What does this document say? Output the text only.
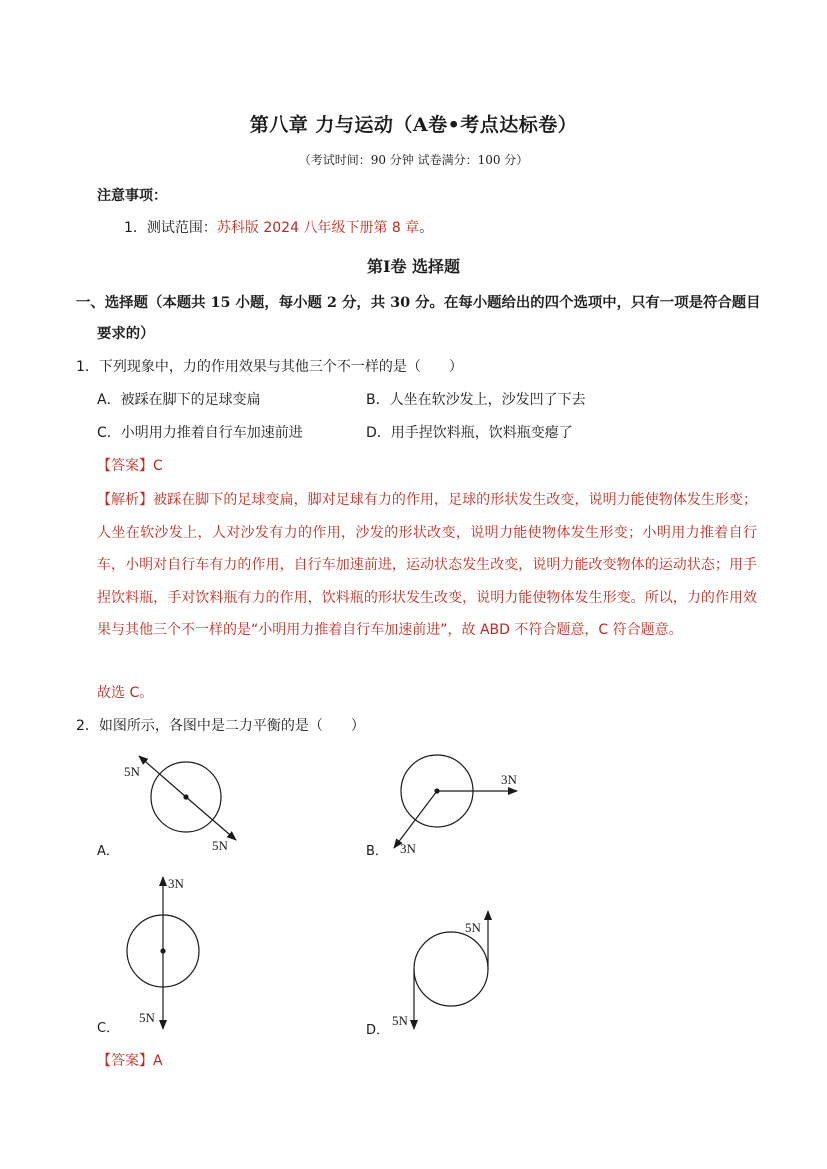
第八章 力与运动（A卷•考点达标卷）
（考试时间：90 分钟 试卷满分：100 分）
注意事项：
1．测试范围：苏科版 2024 八年级下册第 8 章。
第Ⅰ卷 选择题
一、选择题（本题共 15 小题，每小题 2 分，共 30 分。在每小题给出的四个选项中，只有一项是符合题目
要求的）
1．下列现象中，力的作用效果与其他三个不一样的是（　　）
A．被踩在脚下的足球变扁	B．人坐在软沙发上，沙发凹了下去
C．小明用力推着自行车加速前进	D．用手捏饮料瓶，饮料瓶变瘪了
【答案】C
【解析】被踩在脚下的足球变扁，脚对足球有力的作用，足球的形状发生改变，说明力能使物体发生形变；人坐在软沙发上，人对沙发有力的作用，沙发的形状改变，说明力能使物体发生形变；小明用力推着自行车，小明对自行车有力的作用，自行车加速前进，运动状态发生改变，说明力能改变物体的运动状态；用手捏饮料瓶，手对饮料瓶有力的作用，饮料瓶的形状发生改变，说明力能使物体发生形变。所以，力的作用效果与其他三个不一样的是“小明用力推着自行车加速前进”，故 ABD 不符合题意，C 符合题意。
故选 C。
2．如图所示，各图中是二力平衡的是（　　）
5N
5N
A．
3N
3N
B．
3N
5N
C．
5N
5N
D．
【答案】A
